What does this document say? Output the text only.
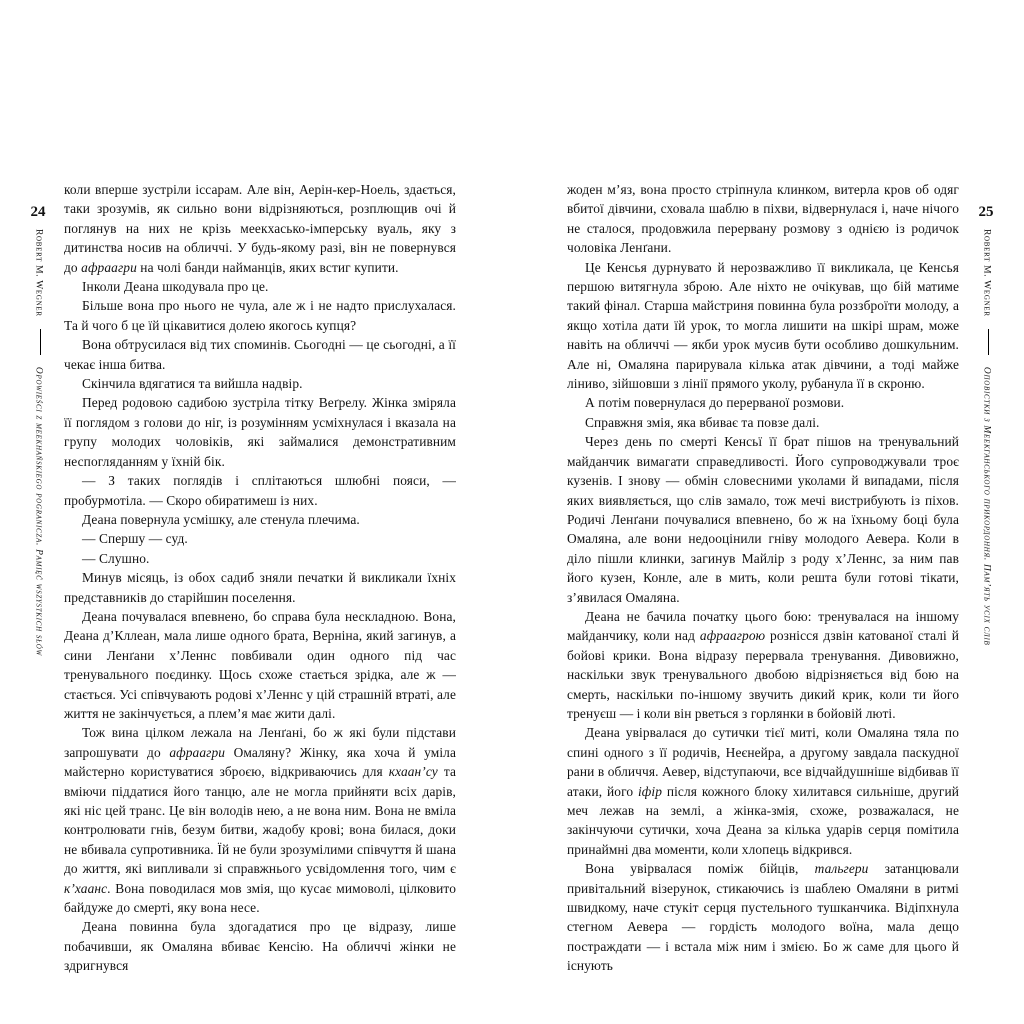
24
Robert M. Wegner  Opowieści z meekhańskiego pogranicza. Pamięć wszystkich słów

коли вперше зустріли іссарам. Але він, Аерін-кер-Ноель, здається, таки зрозумів, як сильно вони відрізняються, розплющив очі й поглянув на них не крізь меекхасько-імперську вуаль, яку з дитинства носив на обличчі. У будь-якому разі, він не повернувся до афраагри на чолі банди найманців, яких встиг купити.

Інколи Деана шкодувала про це.

Більше вона про нього не чула, але ж і не надто прислухалася. Та й чого б це їй цікавитися долею якогось купця?

Вона обтрусилася від тих споминів. Сьогодні — це сьогодні, а її чекає інша битва.

Скінчила вдягатися та вийшла надвір.

Перед родовою садибою зустріла тітку Веґрелу. Жінка зміряла її поглядом з голови до ніг, із розумінням усміхнулася і вказала на групу молодих чоловіків, які займалися демонстративним неспогляданням у їхній бік.

— З таких поглядів і сплітаються шлюбні пояси, — пробурмотіла. — Скоро обиратимеш із них.

Деана повернула усмішку, але стенула плечима.

— Спершу — суд.

— Слушно.

Минув місяць, із обох садиб зняли печатки й викликали їхніх представників до старійшин поселення.

Деана почувалася впевнено, бо справа була нескладною. Вона, Деана д’Кллеан, мала лише одного брата, Верніна, який загинув, а сини Ленґани х’Леннс повбивали один одного під час тренувального поєдинку. Щось схоже стається зрідка, але ж — стається. Усі співчувають родові х’Леннс у цій страшній втраті, але життя не закінчується, а плем’я має жити далі.

Тож вина цілком лежала на Ленґані, бо ж які були підстави запрошувати до афраагри Омаляну? Жінку, яка хоча й уміла майстерно користуватися зброєю, відкриваючись для кхаан’су та вміючи піддатися його танцю, але не могла прийняти всіх дарів, які ніс цей транс. Це він володів нею, а не вона ним. Вона не вміла контролювати гнів, безум битви, жадобу крові; вона билася, доки не вбивала супротивника. Їй не були зрозумілими співчуття й шана до життя, які випливали зі справжнього усвідомлення того, чим є к’хаанс. Вона поводилася мов змія, що кусає мимоволі, цілковито байдуже до смерті, яку вона несе.

Деана повинна була здогадатися про це відразу, лише побачивши, як Омаляна вбиває Кенсію. На обличчі жінки не здригнувся

жоден м’яз, вона просто стріпнула клинком, витерла кров об одяг вбитої дівчини, сховала шаблю в піхви, відвернулася і, наче нічого не сталося, продовжила перервану розмову з однією із родичок чоловіка Ленґани.

Це Кенсья дурнувато й нерозважливо її викликала, це Кенсья першою витягнула зброю. Але ніхто не очікував, що бій матиме такий фінал. Старша майстриня повинна була роззброїти молоду, а якщо хотіла дати їй урок, то могла лишити на шкірі шрам, може навіть на обличчі — якби урок мусив бути особливо дошкульним. Але ні, Омаляна парирувала кілька атак дівчини, а тоді майже ліниво, зійшовши з лінії прямого уколу, рубанула її в скроню.

А потім повернулася до перерваної розмови.

Справжня змія, яка вбиває та повзе далі.

Через день по смерті Кенсьї її брат пішов на тренувальний майданчик вимагати справедливості. Його супроводжували троє кузенів. І знову — обмін словесними уколами й випадами, після яких виявляється, що слів замало, тож мечі вистрибують із піхов. Родичі Ленґани почувалися впевнено, бо ж на їхньому боці була Омаляна, але вони недооцінили гніву молодого Аевера. Коли в діло пішли клинки, загинув Майлір з роду х’Леннс, за ним пав його кузен, Конле, але в мить, коли решта були готові тікати, з’явилася Омаляна.

Деана не бачила початку цього бою: тренувалася на іншому майданчику, коли над афраагрою рознісся дзвін катованої сталі й бойові крики. Вона відразу перервала тренування. Дивовижно, наскільки звук тренувального двобою відрізняється від бою на смерть, наскільки по-іншому звучить дикий крик, коли ти його тренуєш — і коли він рветься з горлянки в бойовій люті.

Деана увірвалася до сутички тієї миті, коли Омаляна тяла по спині одного з її родичів, Неєнейра, а другому завдала паскудної рани в обличчя. Аевер, відступаючи, все відчайдушніше відбивав її атаки, його іфір після кожного блоку хилитався сильніше, другий меч лежав на землі, а жінка-змія, схоже, розважалася, не закінчуючи сутички, хоча Деана за кілька ударів серця помітила принаймні два моменти, коли хлопець відкрився.

Вона увірвалася поміж бійців, тальгери затанцювали привітальний візерунок, стикаючись із шаблею Омаляни в ритмі швидкому, наче стукіт серця пустельного тушканчика. Відіпхнула стегном Аевера — гордість молодого воїна, мала дещо постраждати — і встала між ним і змією. Бо ж саме для цього й існують

25
Robert M. Wegner  Оповістки з Меекганського прикордоння. Пам’ять усіх слів
